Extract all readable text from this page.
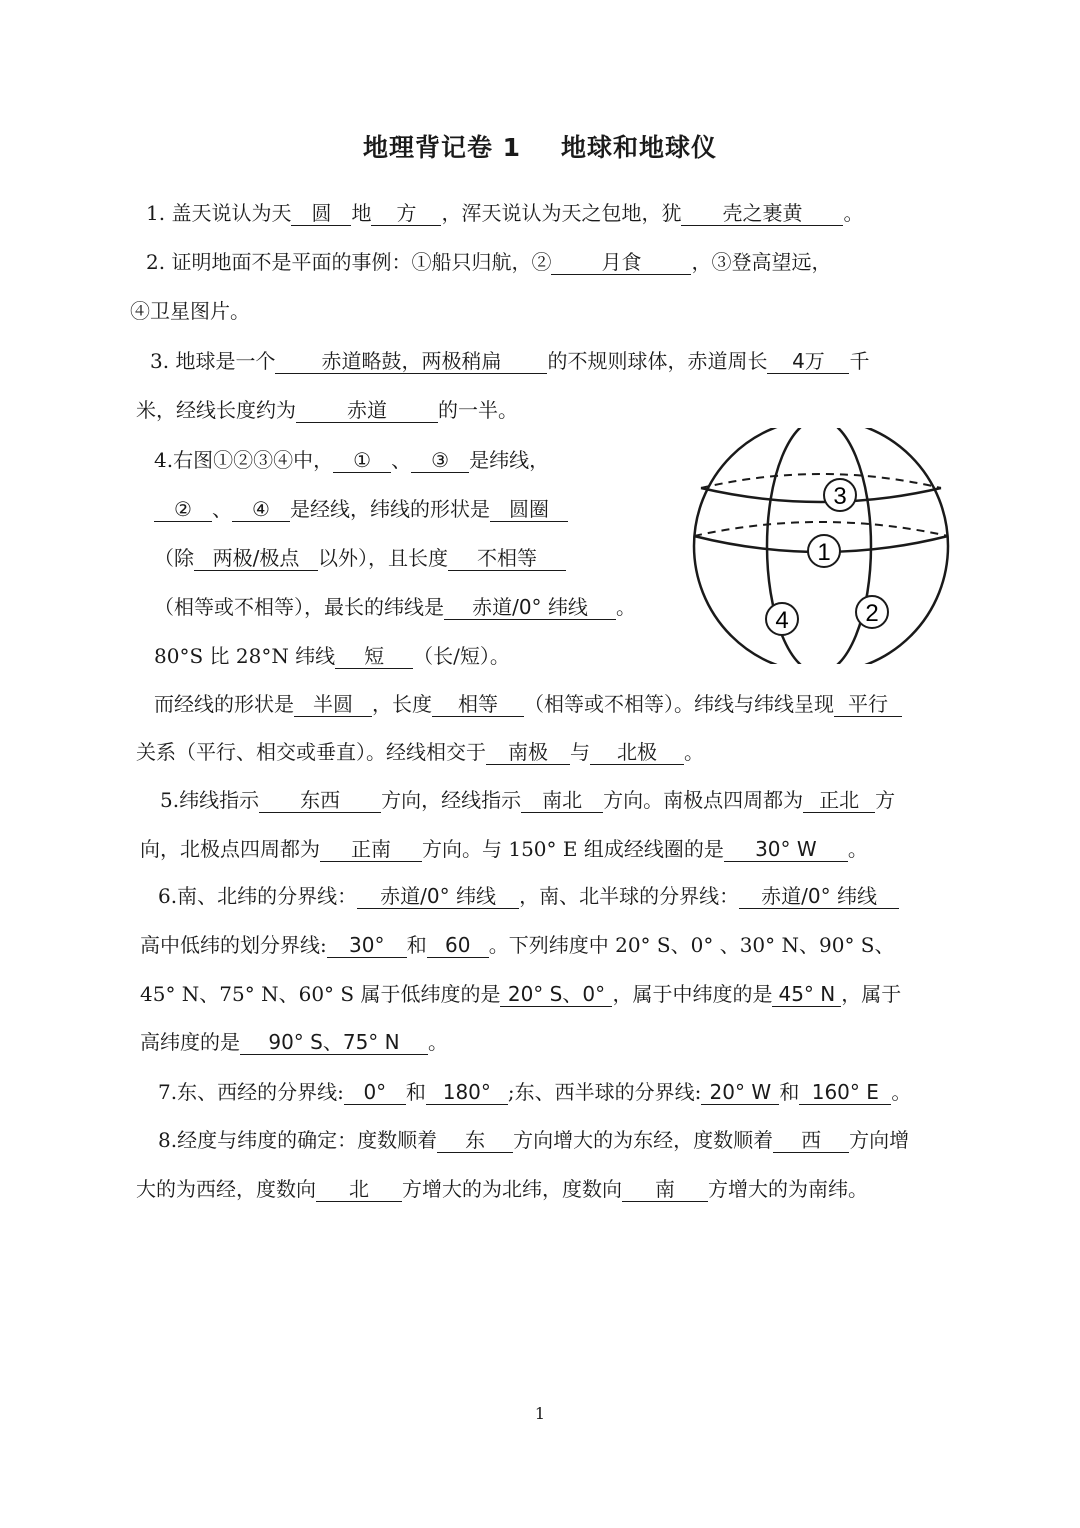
地理背记卷 1 地球和地球仪
1. 盖天说认为天 圆 地 方 ，浑天说认为天之包地，犹 壳之裹黄 。
2. 证明地面不是平面的事例：①船只归航，②	月食	，③登高望远，
④卫星图片。
3. 地球是一个 赤道略鼓，两极稍扁 的不规则球体，赤道周长 4万 千
米，经线长度约为	赤道	的一半。
4.右图①②③④中， ① 、 ③ 是纬线，
② 、 ④ 是经线，纬线的形状是 圆圈
（除 两极/极点 以外），且长度 不相等
（相等或不相等），最长的纬线是 赤道/0° 纬线 。
80°S 比 28°N 纬线 短 （长/短）。
而经线的形状是 半圆 ，长度 相等 （相等或不相等）。纬线与纬线呈现 平行
关系（平行、相交或垂直）。经线相交于 南极 与 北极 。
3
1
4	2
5.纬线指示 东西 方向，经线指示 南北 方向。南极点四周都为 正北 方
向，北极点四周都为 正南 方向。与 150° E 组成经线圈的是 30° W 。
6.南、北纬的分界线： 赤道/0° 纬线 ，南、北半球的分界线： 赤道/0° 纬线
高中低纬的划分界线: 30° 和 60 。下列纬度中 20° S、0° 、30° N、90° S、
45° N、75° N、60° S 属于低纬度的是 20° S、0° ，属于中纬度的是 45° N ，属于
高纬度的是 90° S、75° N 。
7.东、西经的分界线: 0° 和 180° ;东、西半球的分界线: 20° W 和 160° E 。
8.经度与纬度的确定：度数顺着 东 方向增大的为东经，度数顺着 西 方向增
大的为西经，度数向 北 方增大的为北纬，度数向 南 方增大的为南纬。
1
